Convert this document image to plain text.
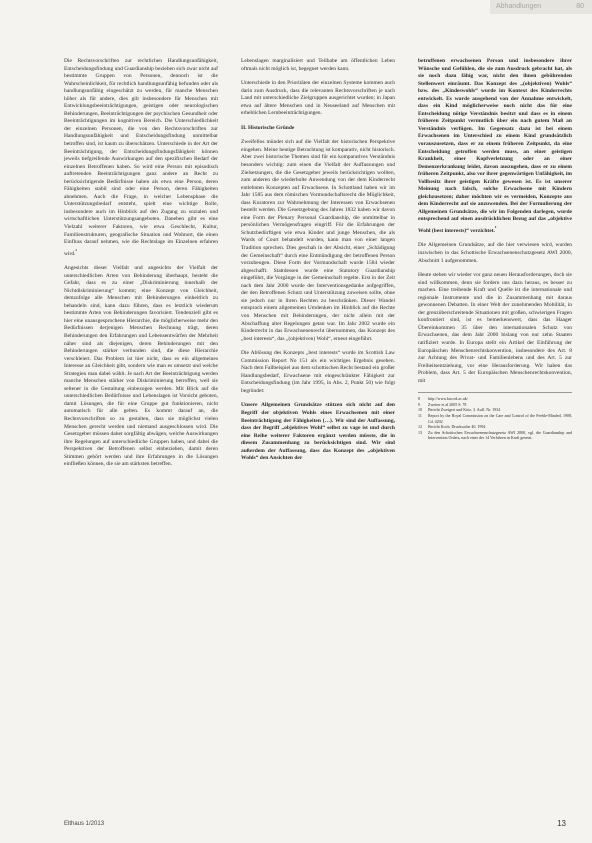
Abhandlungen	80

Die Rechtsvorschriften zur rechtlichen Handlungsunfähigkeit, Entscheidungsfindung und Guardianship beziehen sich zwar nicht auf bestimmte Gruppen von Personen, dennoch ist die Wahrscheinlichkeit, für rechtlich handlungsunfähig befunden oder als handlungsunfähig eingeschätzt zu werden, für manche Menschen höher als für andere, dies gilt insbesondere für Menschen mit Entwicklungsbeeinträchtigungen, geistigen oder neurologischen Behinderungen, Beeinträchtigungen der psychischen Gesundheit oder Beeinträchtigungen im kognitiven Bereich. Die Unterschiedlichkeit der einzelnen Personen, die von den Rechtsvorschriften zur Handlungsunfähigkeit und Entscheidungsfindung unmittelbar betroffen sind, ist kaum zu überschätzen. Unterschiede in der Art der Beeinträchtigung, der Entscheidungsfindungsfähigkeit können jeweils tiefgreifende Auswirkungen auf den spezifischen Bedarf der einzelnen Betroffenen haben. So wird eine Person mit episodisch auftretenden Beeinträchtigungen ganz andere an Recht zu berücksichtigende Bedürfnisse haben als etwa eine Person, deren Fähigkeiten stabil sind oder eine Person, deren Fähigkeiten abnehmen. Auch die Frage, in welcher Lebensphase die Unterstützungsbedarf entsteht, spielt eine wichtige Rolle, insbesondere auch im Hinblick auf den Zugang zu sozialen und wirtschaftlichen Unterstützungsangeboten. Daneben gibt es eine Vielzahl weiterer Faktoren, wie etwa Geschlecht, Kultur, Familienstrukturen, geografische Situation und Wohnort, die einen Einfluss darauf nehmen, wie die Rechtslage im Einzelnen erfahren wird.$^{^8}$

Angesichts dieser Vielfalt und angesichts der Vielfalt der unterschiedlichen Arten von Behinderung überhaupt, besteht die Gefahr, dass es zu einer „Diskriminierung innerhalb der Nichtdiskriminierung“ kommt; eine Konzept von Gleichheit, demzufolge alle Menschen mit Behinderungen einheitlich zu behandeln sind, kann dazu führen, dass es letztlich wiederum bestimmte Arten von Behinderungen favorisiert. Tendenziell gibt es hier eine unausgesprochene Hierarchie, die möglicherweise mehr den Bedürfnissen derjenigen Menschen Rechnung trägt, deren Behinderungen den Erfahrungen und Lebensentwürfen der Mehrheit näher sind als diejenigen, deren Behinderungen mit den Behinderungen stärker verbunden sind, die diese Hierarchie verschleiert. Das Problem ist hier nicht, dass es ein allgemeines Interesse an Gleichheit gibt, sondern wie man es umsetzt und welche Strategien man dabei wählt. Je nach Art der Beeinträchtigung werden manche Menschen stärker von Diskriminierung betroffen, weil sie seltener in die Gestaltung einbezogen werden. Mit Blick auf die unterschiedlichen Bedürfnisse und Lebenslagen ist Vorsicht geboten, damit Lösungen, die für eine Gruppe gut funktionieren, nicht automatisch für alle gelten. Es kommt darauf an, die Rechtsvorschriften so zu gestalten, dass sie möglichst vielen Menschen gerecht werden und niemand ausgeschlossen wird. Die Gesetzgeber müssen daher sorgfältig abwägen, welche Auswirkungen ihre Regelungen auf unterschiedliche Gruppen haben, und dabei die Perspektiven der Betroffenen selbst einbeziehen, damit deren Stimmen gehört werden und ihre Erfahrungen in die Lösungen einfließen können, die sie am stärksten betreffen.

Lebenslagen marginalisiert und Teilhabe am öffentlichen Leben oftmals nicht möglich ist, begegnet werden kann.

Unterschiede in den Prioritäten der einzelnen Systeme kommen auch darin zum Ausdruck, dass die relevanten Rechtsvorschriften je nach Land mit unterschiedliche Zielgruppen ausgerichtet wurden; in Japan etwa auf ältere Menschen und in Neuseeland auf Menschen mit erheblichen Lernbeeinträchtigungen.

II. Historische Gründe

Zweifellos mündet sich auf die Vielfalt der historischen Perspektive eingehen. Meine heutige Betrachtung ist komparativ, nicht historisch. Aber zwei historische Themen sind für ein komparatives Verständnis besonders wichtig: zum einen die Vielfalt der Auffassungen und Zielsetzungen, die die Gesetzgeber jeweils berücksichtigen wollten, zum anderen die wiederholte Anwendung von der dem Kinderrecht entlehnten Konzepten auf Erwachsene. In Schottland haben wir im Jahr 1585 aus dem römischen Vormundschaftsrecht die Möglichkeit, dass Kuratoren zur Wahrnehmung der Interessen von Erwachsenen bestellt werden. Die Gesetzgebung des Jahres 1832 haben wir davon eine Form der Plenary Personal Guardianship, die unmittelbar in persönlichen Vermögensfragen eingriff. Für die Erfahrungen der Schutzbedürftigen wie etwa Kinder und junge Menschen, die als Wards of Court behandelt wurden, kann man von einer langen Tradition sprechen. Dies geschah in der Absicht, einer „Schädigung der Gemeinschaft“ durch eine Entmündigung der betroffenen Person vorzubeugen. Diese Form der Vormundschaft wurde 1584 wieder abgeschafft. Stattdessen wurde eine Statutory Guardianship eingeführt, die Vorgänge in der Gemeinschaft regelte. Erst in der Zeit nach dem Jahr 2000 wurde der Interventionsgedanke aufgegriffen, der den Betroffenen Schutz und Unterstützung zuweisen sollte, ohne sie jedoch nur in ihren Rechten zu beschränken. Dieser Wandel entsprach einem allgemeinen Umdenken im Hinblick auf die Rechte von Menschen mit Behinderungen, der nicht allein mit der Abschaffung alter Regelungen getan war. Im Jahr 2002 wurde ein Kinderrecht in das Erwachsenenrecht übernommen, das Konzept des „best interests“, das „(objektiven) Wohl“, erneut eingeführt.

Die Ablösung des Konzepts „best interests“ wurde im Scottish Law Commission Report No 151 als ein wichtiges Ergebnis gesehen. Nach dem Fallbeispiel aus dem schottischen Recht bestand ein großer Handlungsbedarf, Erwachsene mit eingeschränkter Fähigkeit zur Entscheidungsfindung (im Jahr 1995, in Abs. 2, Punkt 50) wie folgt begründet:

Unsere Allgemeinen Grundsätze stützen sich nicht auf den Begriff der objektiven Wohls eines Erwachsenen mit einer Beeinträchtigung der Fähigkeiten (…). Wir sind der Auffassung, dass der Begriff „objektives Wohl“ selbst zu vage ist und durch eine Reihe weiterer Faktoren ergänzt werden müsste, die in diesem Zusammenhang zu berücksichtigen sind. Wir sind außerdem der Auffassung, dass das Konzept des „objektiven Wohls“ den Ansichten der

betroffenen erwachsenen Person und insbesondere ihrer Wünsche und Gefühlen, die sie zum Ausdruck gebracht hat, als sie noch dazu fähig war, nicht den ihnen gebührenden Stellenwert einräumt. Das Konzept des „(objektiven) Wohls“ bzw. des „Kindeswohls“ wurde im Kontext des Kinderrechts entwickelt. Es wurde ausgehend von der Annahme entwickelt, dass ein Kind möglicherweise noch nicht das für eine Entscheidung nötige Verständnis besitzt und dass es in einem früheren Zeitpunkt vermutlich über ein nach gutem Maß an Verständnis verfügen. Im Gegensatz dazu ist bei einem Erwachsenen im Unterschied zu einem Kind grundsätzlich vorauszusetzen, dass er zu einem früheren Zeitpunkt, da eine Entscheidung getroffen werden muss, an einer geistigen Krankheit, einer Kopfverletzung oder an einer Demenzerkrankung leidet, davon auszugehen, dass er zu einem früheren Zeitpunkt, also vor ihrer gegenwärtigen Unfähigkeit, im Vollbesitz ihrer geistigen Kräfte gewesen ist. Es ist unserer Meinung nach falsch, solche Erwachsene mit Kindern gleichzusetzen; daher möchten wir es vermeiden, Konzepte aus dem Kinderrecht auf sie anzuwenden. Bei der Formulierung der Allgemeinen Grundsätze, die wir im Folgenden darlegen, wurde entsprechend auf einen ausdrücklichen Bezug auf das „objektive Wohl (best interests)“ verzichtet.$^{^9}$

Die Allgemeinen Grundsätze, auf die hier verwiesen wird, wurden inzwischen in das Schottische Erwachsenenschutzgesetz AWI 2000, Abschnitt 1 aufgenommen.

Heute stehen wir wieder vor ganz neuen Herausforderungen, doch sie sind willkommen, denn sie fordern uns dazu heraus, es besser zu machen. Eine treibende Kraft und Quelle ist die internationale und regionale Instrumente und die in Zusammenhang mit daraus gewonnenen Debatten. In einer Welt der zunehmenden Mobilität, in der grenzüberschreitende Situationen mit großen, schwierigen Fragen konfrontiert sind, ist es bemerkenswert, dass das Haager Übereinkommen 35 über den internationalen Schutz von Erwachsenen, das dem Jahr 2000 bislang von nur zehn Staaten ratifiziert wurde. In Europa stellt ein Artikel der Einführung der Europäischen Menschenrechtskonvention, insbesondere des Art. 8 zur Achtung des Privat- und Familienlebens und des Art. 5 zur Freiheitsentziehung, vor eine Herausforderung. Wir haben das Problem, dass Art. 5 der Europäischen Menschenrechtskonvention, mit

8	http://www.law.ed.ac.uk/
9	Zweiter et al 2005 S. 78
10	Bericht Zweigert und Kötz, 3. Aufl. Nr. 1934
11	Report by the Royal Commission on the Care and Control of the Feeble-Minded, 1908, Cd. 4202
12	Bericht Koch, Drucksache 40, 1994
13	Zu den Schottischen Erwachsenenschutzgesetz AWI 2000, vgl. die Guardianship and Intervention Orders, nach einer der 14 Verfahren in Kraft gesetzt.
Elthaus 1/2013	13
